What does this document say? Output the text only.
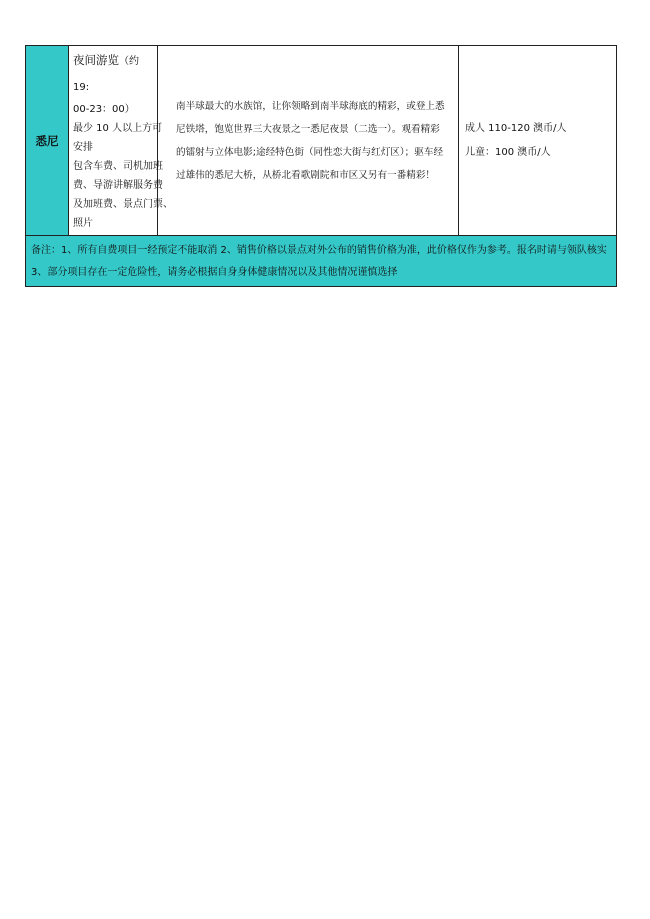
悉尼	
夜间游览（约 19:
00-23：00）
最少 10 人以上方可
安排
包含车费、司机加班
费、导游讲解服务费
及加班费、景点门票、
照片

南半球最大的水族馆，让你领略到南半球海底的精彩，或登上悉
尼铁塔，饱览世界三大夜景之一悉尼夜景（二选一）。观看精彩
的镭射与立体电影;途经特色街（同性恋大街与红灯区）；驱车经
过雄伟的悉尼大桥，从桥北看歌剧院和市区又另有一番精彩！

成人 110-120 澳币/人
儿童：100 澳币/人

备注：1、所有自费项目一经预定不能取消 2、销售价格以景点对外公布的销售价格为准，此价格仅作为参考。报名时请与领队核实
3、部分项目存在一定危险性，请务必根据自身身体健康情况以及其他情况谨慎选择
